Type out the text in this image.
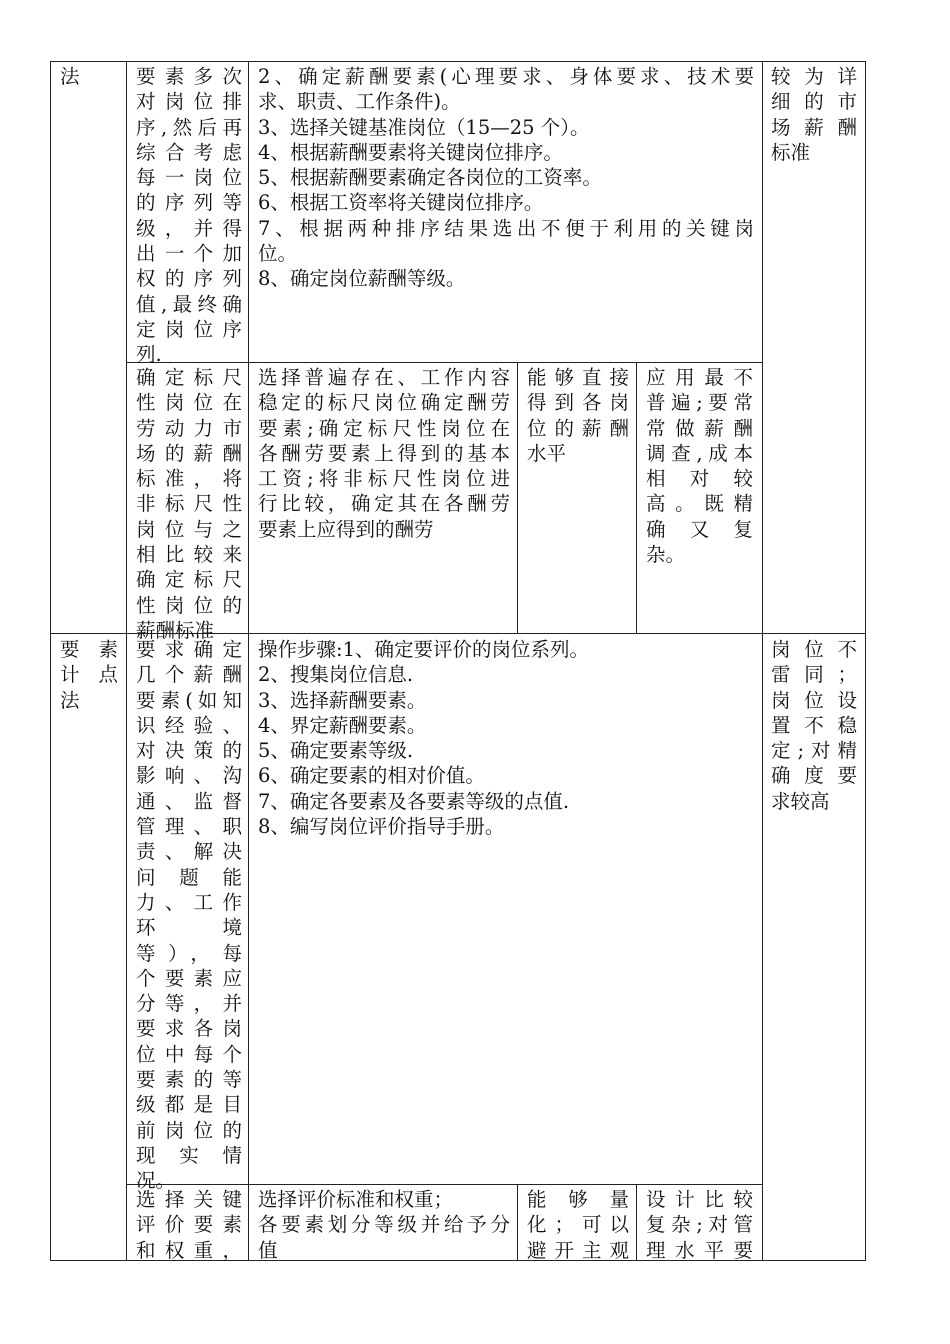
法	要素多次
对岗位排
序,然后再
综合考虑
每一岗位
的序列等
级，并得
出一个加
权的序列
值,最终确
定岗位序
列.
2、确定薪酬要素(心理要求、身体要求、技术要
求、职责、工作条件)。
3、选择关键基准岗位（15—25 个）。
4、根据薪酬要素将关键岗位排序。
5、根据薪酬要素确定各岗位的工资率。
6、根据工资率将关键岗位排序。
7、根据两种排序结果选出不便于利用的关键岗
位。
8、确定岗位薪酬等级。
较为详
细的市
场薪酬
标准
确定标尺
性岗位在
劳动力市
场的薪酬
标准，将
非标尺性
岗位与之
相比较来
确定标尺
性岗位的
薪酬标准
选择普遍存在、工作内容
稳定的标尺岗位确定酬劳
要素;确定标尺性岗位在
各酬劳要素上得到的基本
工资;将非标尺性岗位进
行比较，确定其在各酬劳
要素上应得到的酬劳
能够直接
得到各岗
位的薪酬
水平
应用最不
普遍;要常
常做薪酬
调查,成本
相 对 较
高。既精
确 又 复
杂。
要 素
计 点
法
要求确定
几个薪酬
要素(如知
识经验、
对决策的
影响、沟
通、监督
管理、职
责、解决
问 题 能
力、工作
环 境
等），每
个要素应
分等，并
要求各岗
位中每个
要素的等
级都是目
前岗位的
现 实 情
况。
操作步骤:1、确定要评价的岗位系列。
2、搜集岗位信息.
3、选择薪酬要素。
4、界定薪酬要素。
5、确定要素等级.
6、确定要素的相对价值。
7、确定各要素及各要素等级的点值.
8、编写岗位评价指导手册。
岗位不
雷同；
岗位设
置不稳
定;对精
确度要
求较高
选择关键
评价要素
和权重，
选择评价标准和权重；
各要素划分等级并给予分
值
能 够 量
化；可以
避开主观
设计比较
复杂;对管
理水平要
